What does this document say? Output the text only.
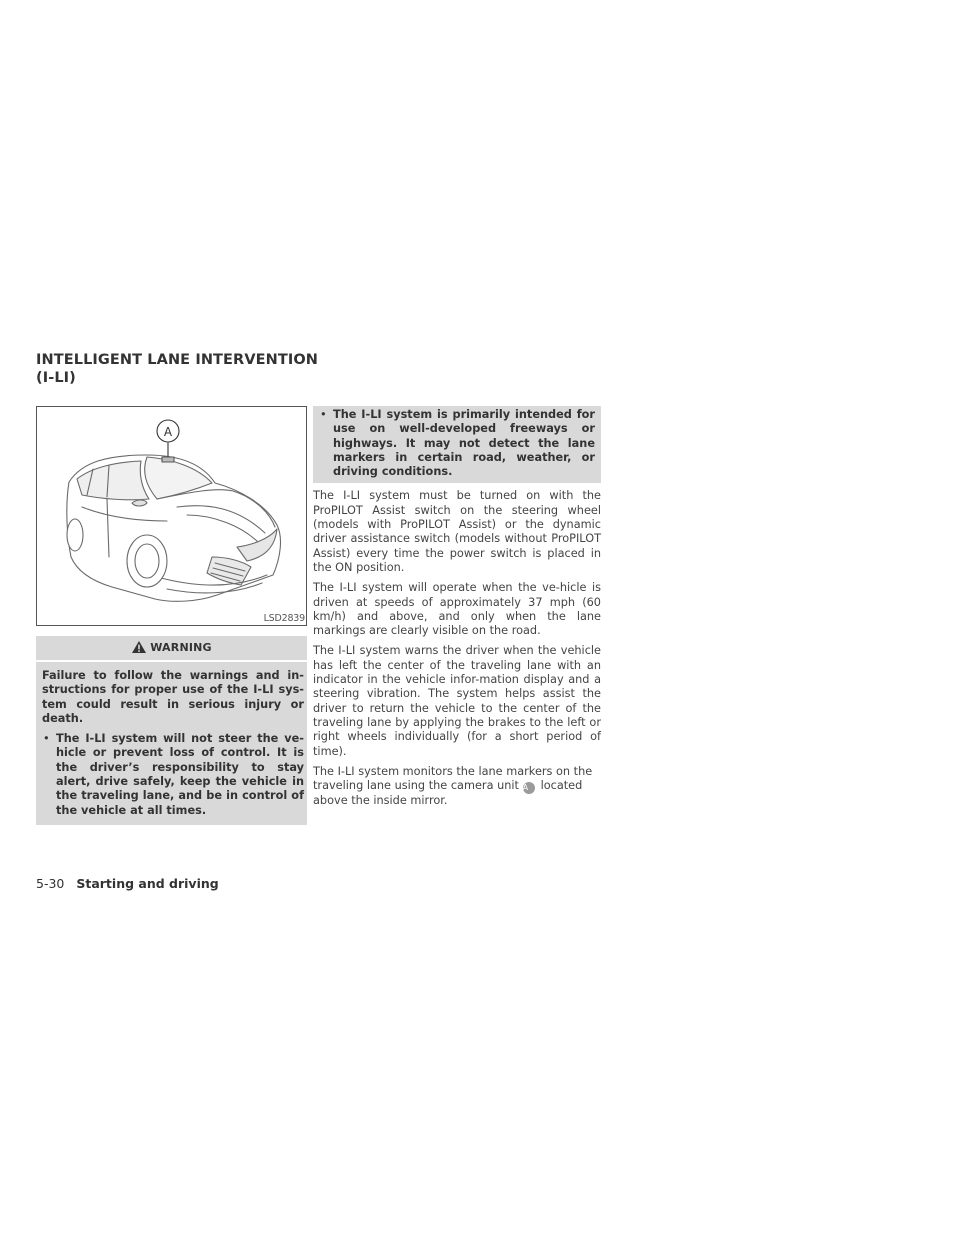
INTELLIGENT LANE INTERVENTION
(I-LI)
A
LSD2839
WARNING
Failure to follow the warnings and in-structions for proper use of the I-LI sys-tem could result in serious injury or death.
• The I-LI system will not steer the ve-hicle or prevent loss of control. It is the driver’s responsibility to stay alert, drive safely, keep the vehicle in the traveling lane, and be in control of the vehicle at all times.
• The I-LI system is primarily intended for use on well-developed freeways or highways. It may not detect the lane markers in certain road, weather, or driving conditions.
The I-LI system must be turned on with the ProPILOT Assist switch on the steering wheel (models with ProPILOT Assist) or the dynamic driver assistance switch (models without ProPILOT Assist) every time the power switch is placed in the ON position.
The I-LI system will operate when the ve-hicle is driven at speeds of approximately 37 mph (60 km/h) and above, and only when the lane markings are clearly visible on the road.
The I-LI system warns the driver when the vehicle has left the center of the traveling lane with an indicator in the vehicle infor-mation display and a steering vibration. The system helps assist the driver to return the vehicle to the center of the traveling lane by applying the brakes to the left or right wheels individually (for a short period of time).
The I-LI system monitors the lane markers on the traveling lane using the camera unit A located above the inside mirror.
5-30 Starting and driving
